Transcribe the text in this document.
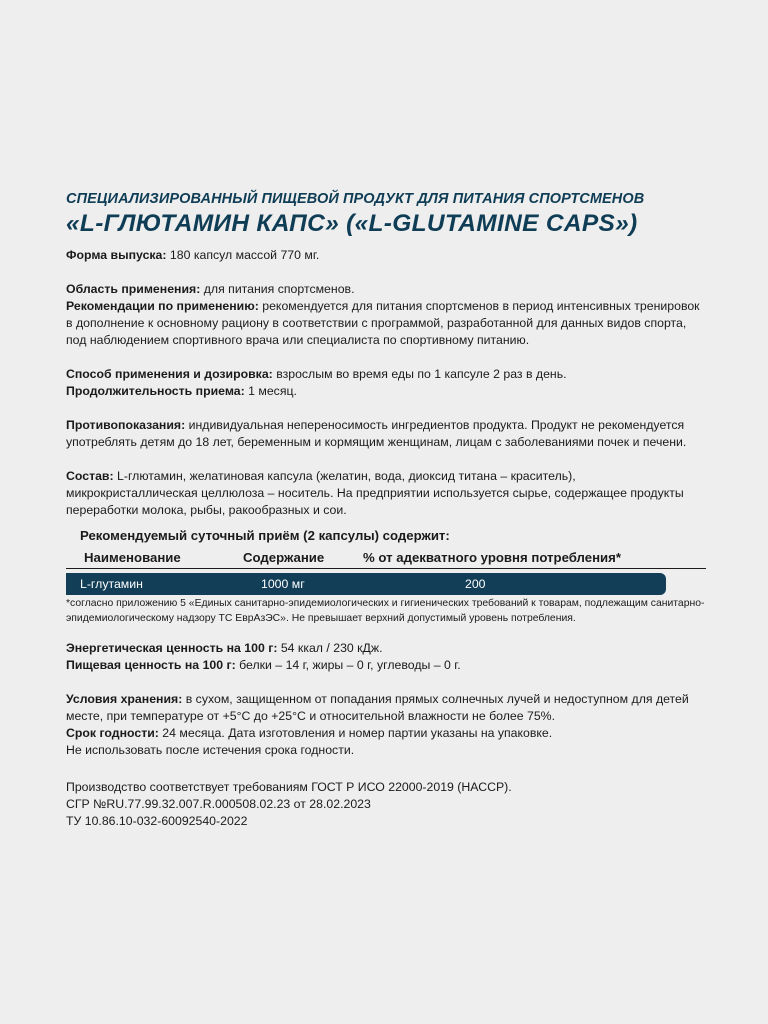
СПЕЦИАЛИЗИРОВАННЫЙ ПИЩЕВОЙ ПРОДУКТ ДЛЯ ПИТАНИЯ СПОРТСМЕНОВ
«L-ГЛЮТАМИН КАПС» («L-GLUTAMINE CAPS»)

Форма выпуска: 180 капсул массой 770 мг.

Область применения: для питания спортсменов.

Рекомендации по применению: рекомендуется для питания спортсменов в период интенсивных тренировок в дополнение к основному рациону в соответствии с программой, разработанной для данных видов спорта, под наблюдением спортивного врача или специалиста по спортивному питанию.

Способ применения и дозировка: взрослым во время еды по 1 капсуле 2 раз в день.

Продолжительность приема: 1 месяц.

Противопоказания: индивидуальная непереносимость ингредиентов продукта. Продукт не рекомендуется употреблять детям до 18 лет, беременным и кормящим женщинам, лицам с заболеваниями почек и печени.

Состав: L-глютамин, желатиновая капсула (желатин, вода, диоксид титана – краситель), микрокристаллическая целлюлоза – носитель. На предприятии используется сырье, содержащее продукты переработки молока, рыбы, ракообразных и сои.

Рекомендуемый суточный приём (2 капсулы) содержит:
Наименование	Содержание	% от адекватного уровня потребления*
L-глутамин	1000 мг	200

*согласно приложению 5 «Единых санитарно-эпидемиологических и гигиенических требований к товарам, подлежащим санитарно-эпидемиологическому надзору ТС ЕврАзЭС». Не превышает верхний допустимый уровень потребления.

Энергетическая ценность на 100 г: 54 ккал / 230 кДж.

Пищевая ценность на 100 г: белки – 14 г, жиры – 0 г, углеводы – 0 г.

Условия хранения: в сухом, защищенном от попадания прямых солнечных лучей и недоступном для детей месте, при температуре от +5°С до +25°С и относительной влажности не более 75%.

Срок годности: 24 месяца. Дата изготовления и номер партии указаны на упаковке.

Не использовать после истечения срока годности.

Производство соответствует требованиям ГОСТ Р ИСО 22000-2019 (НАССР).

СГР №RU.77.99.32.007.R.000508.02.23 от 28.02.2023

ТУ 10.86.10-032-60092540-2022
